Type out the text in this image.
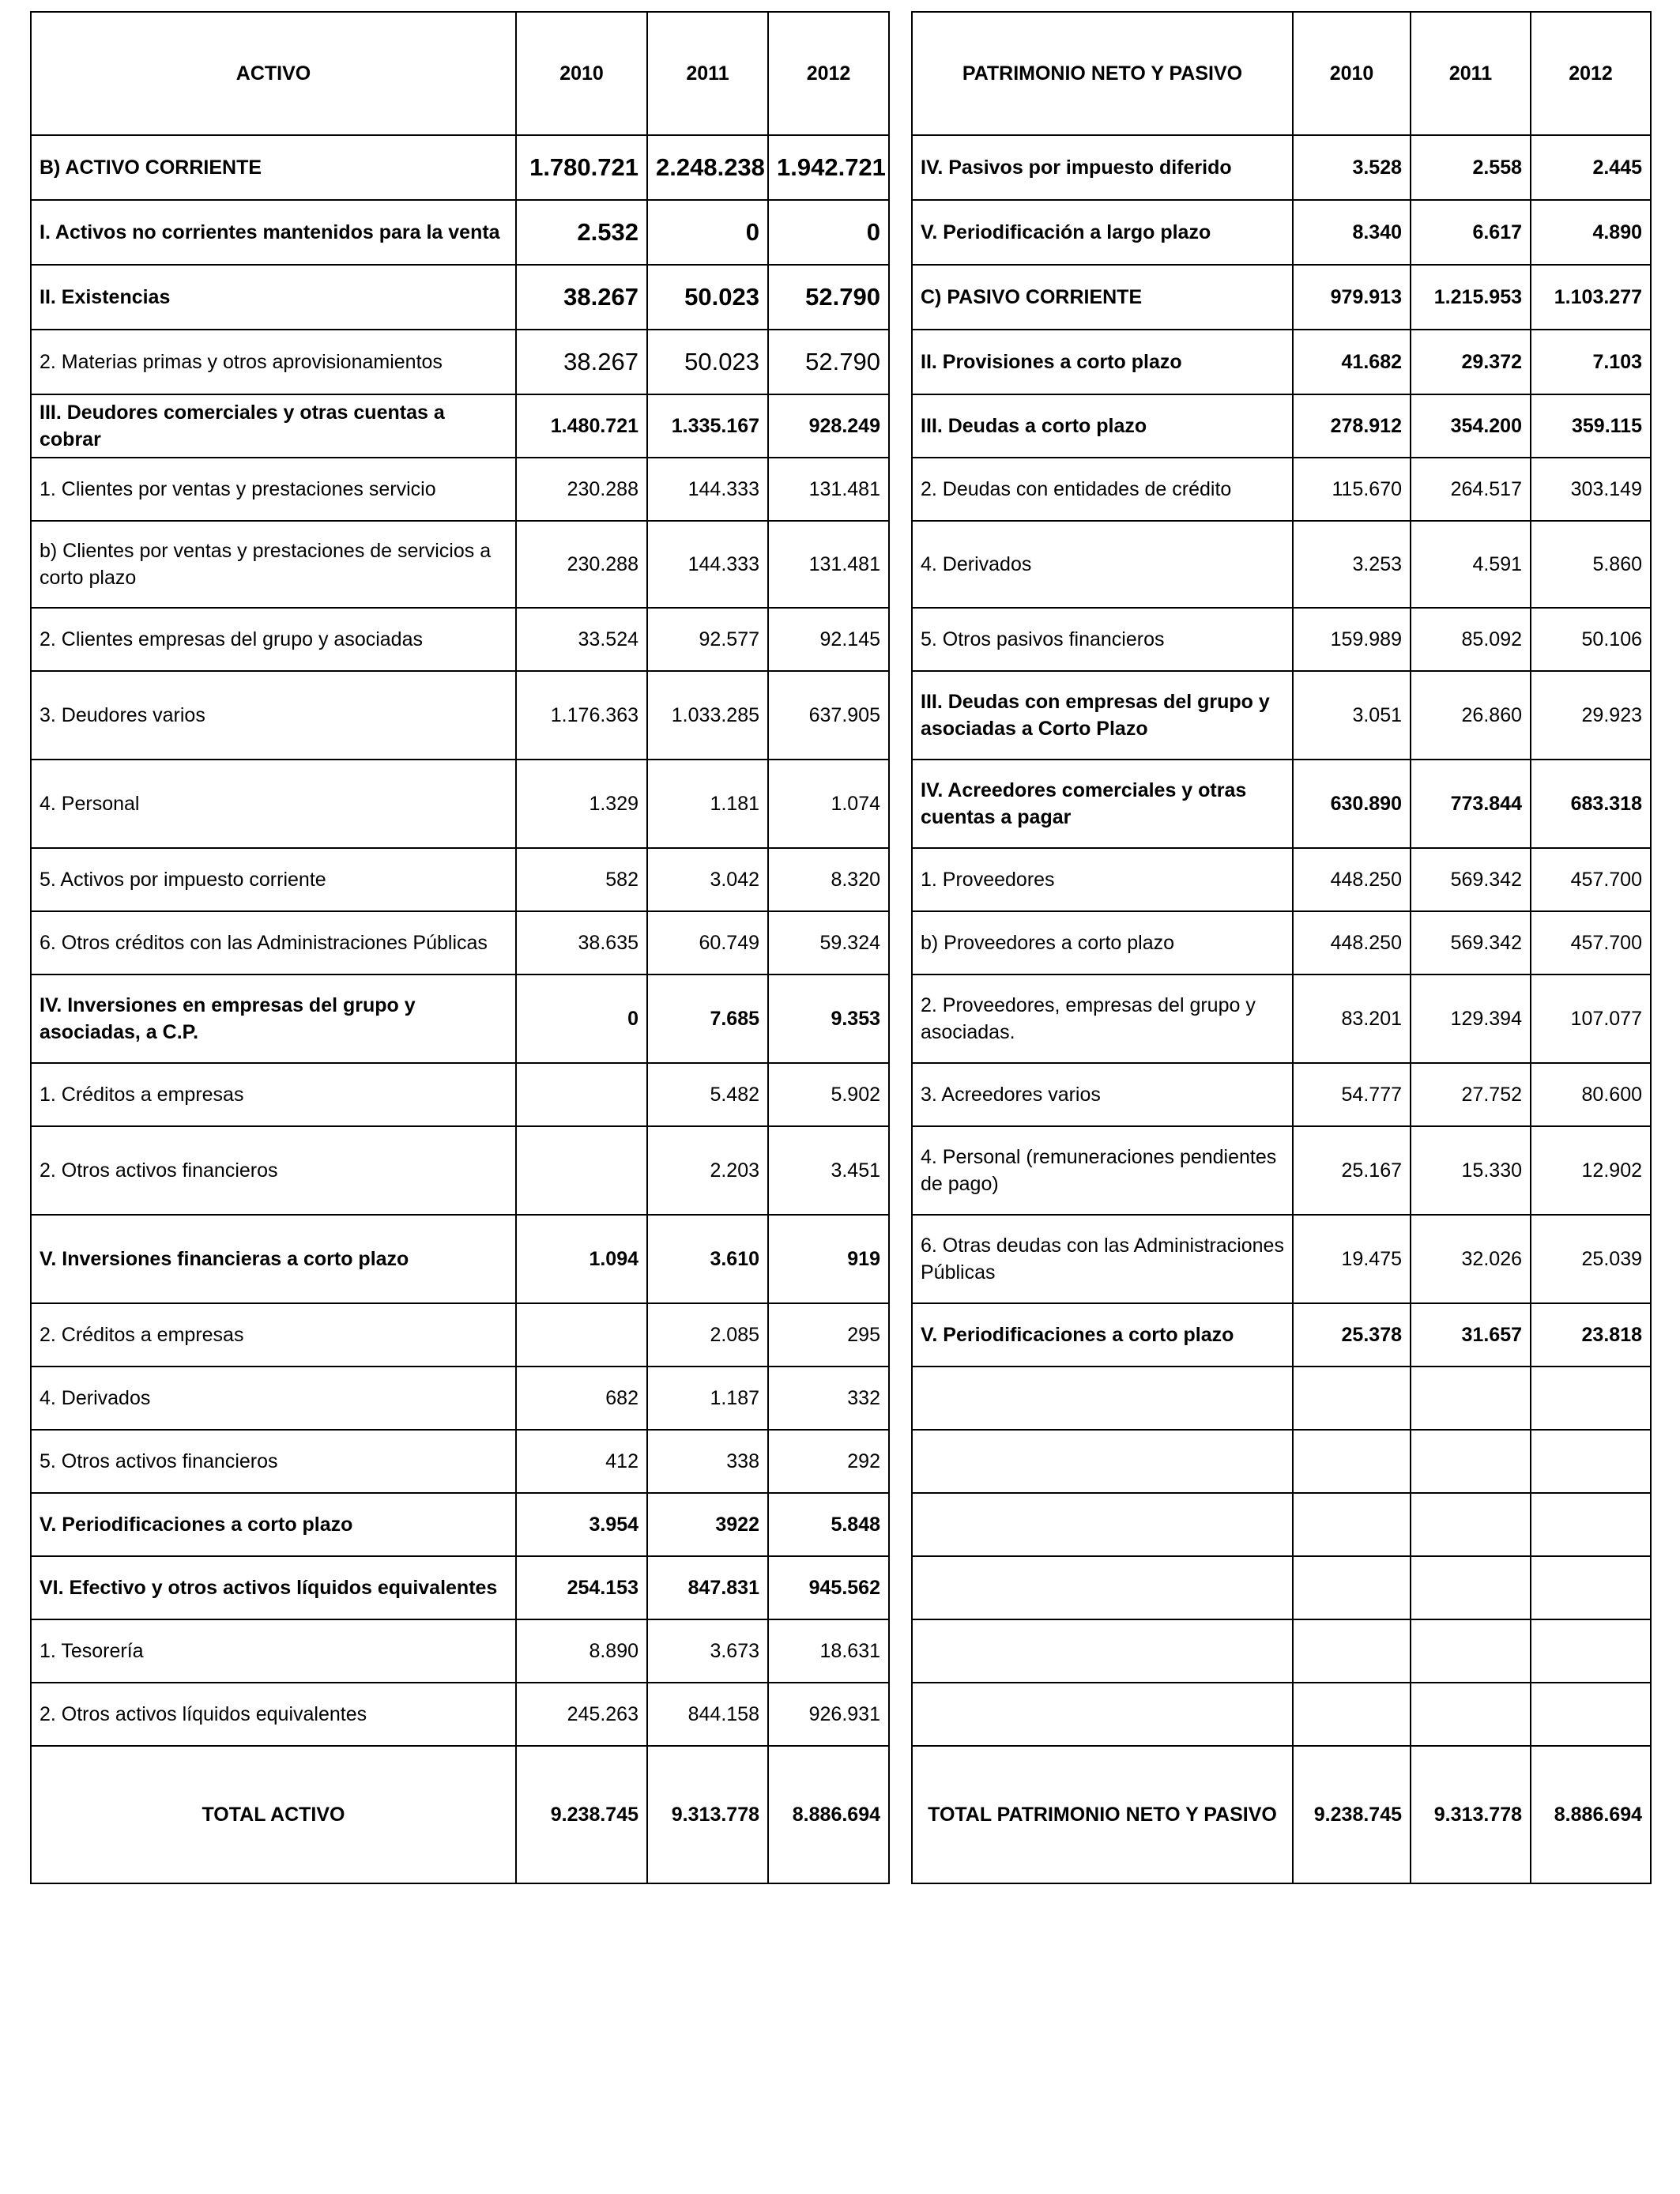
ACTIVO	2010	2011	2012
B) ACTIVO CORRIENTE	1.780.721	2.248.238	1.942.721
I. Activos no corrientes mantenidos para la venta	2.532	0	0
II. Existencias	38.267	50.023	52.790
2. Materias primas y otros aprovisionamientos	38.267	50.023	52.790
III. Deudores comerciales y otras cuentas a cobrar	1.480.721	1.335.167	928.249
1. Clientes por ventas y prestaciones servicio	230.288	144.333	131.481
b) Clientes por ventas y prestaciones de servicios a corto plazo	230.288	144.333	131.481
2. Clientes empresas del grupo y asociadas	33.524	92.577	92.145
3. Deudores varios	1.176.363	1.033.285	637.905
4. Personal	1.329	1.181	1.074
5. Activos por impuesto corriente	582	3.042	8.320
6. Otros créditos con las Administraciones Públicas	38.635	60.749	59.324
IV. Inversiones en empresas del grupo y asociadas, a C.P.	0	7.685	9.353
1. Créditos a empresas		5.482	5.902
2. Otros activos financieros		2.203	3.451
V. Inversiones financieras a corto plazo	1.094	3.610	919
2. Créditos a empresas		2.085	295
4. Derivados	682	1.187	332
5. Otros activos financieros	412	338	292
V. Periodificaciones a corto plazo	3.954	3922	5.848
VI. Efectivo y otros activos líquidos equivalentes	254.153	847.831	945.562
1. Tesorería	8.890	3.673	18.631
2. Otros activos líquidos equivalentes	245.263	844.158	926.931
TOTAL ACTIVO	9.238.745	9.313.778	8.886.694
PATRIMONIO NETO Y PASIVO	2010	2011	2012
IV. Pasivos por impuesto diferido	3.528	2.558	2.445
V. Periodificación a largo plazo	8.340	6.617	4.890
C) PASIVO CORRIENTE	979.913	1.215.953	1.103.277
II. Provisiones a corto plazo	41.682	29.372	7.103
III. Deudas a corto plazo	278.912	354.200	359.115
2. Deudas con entidades de crédito	115.670	264.517	303.149
4. Derivados	3.253	4.591	5.860
5. Otros pasivos financieros	159.989	85.092	50.106
III. Deudas con empresas del grupo y asociadas a Corto Plazo	3.051	26.860	29.923
IV. Acreedores comerciales y otras cuentas a pagar	630.890	773.844	683.318
1. Proveedores	448.250	569.342	457.700
b) Proveedores a corto plazo	448.250	569.342	457.700
2. Proveedores, empresas del grupo y asociadas.	83.201	129.394	107.077
3. Acreedores varios	54.777	27.752	80.600
4. Personal (remuneraciones pendientes de pago)	25.167	15.330	12.902
6. Otras deudas con las Administraciones Públicas	19.475	32.026	25.039
V. Periodificaciones a corto plazo	25.378	31.657	23.818

TOTAL PATRIMONIO NETO Y PASIVO	9.238.745	9.313.778	8.886.694
